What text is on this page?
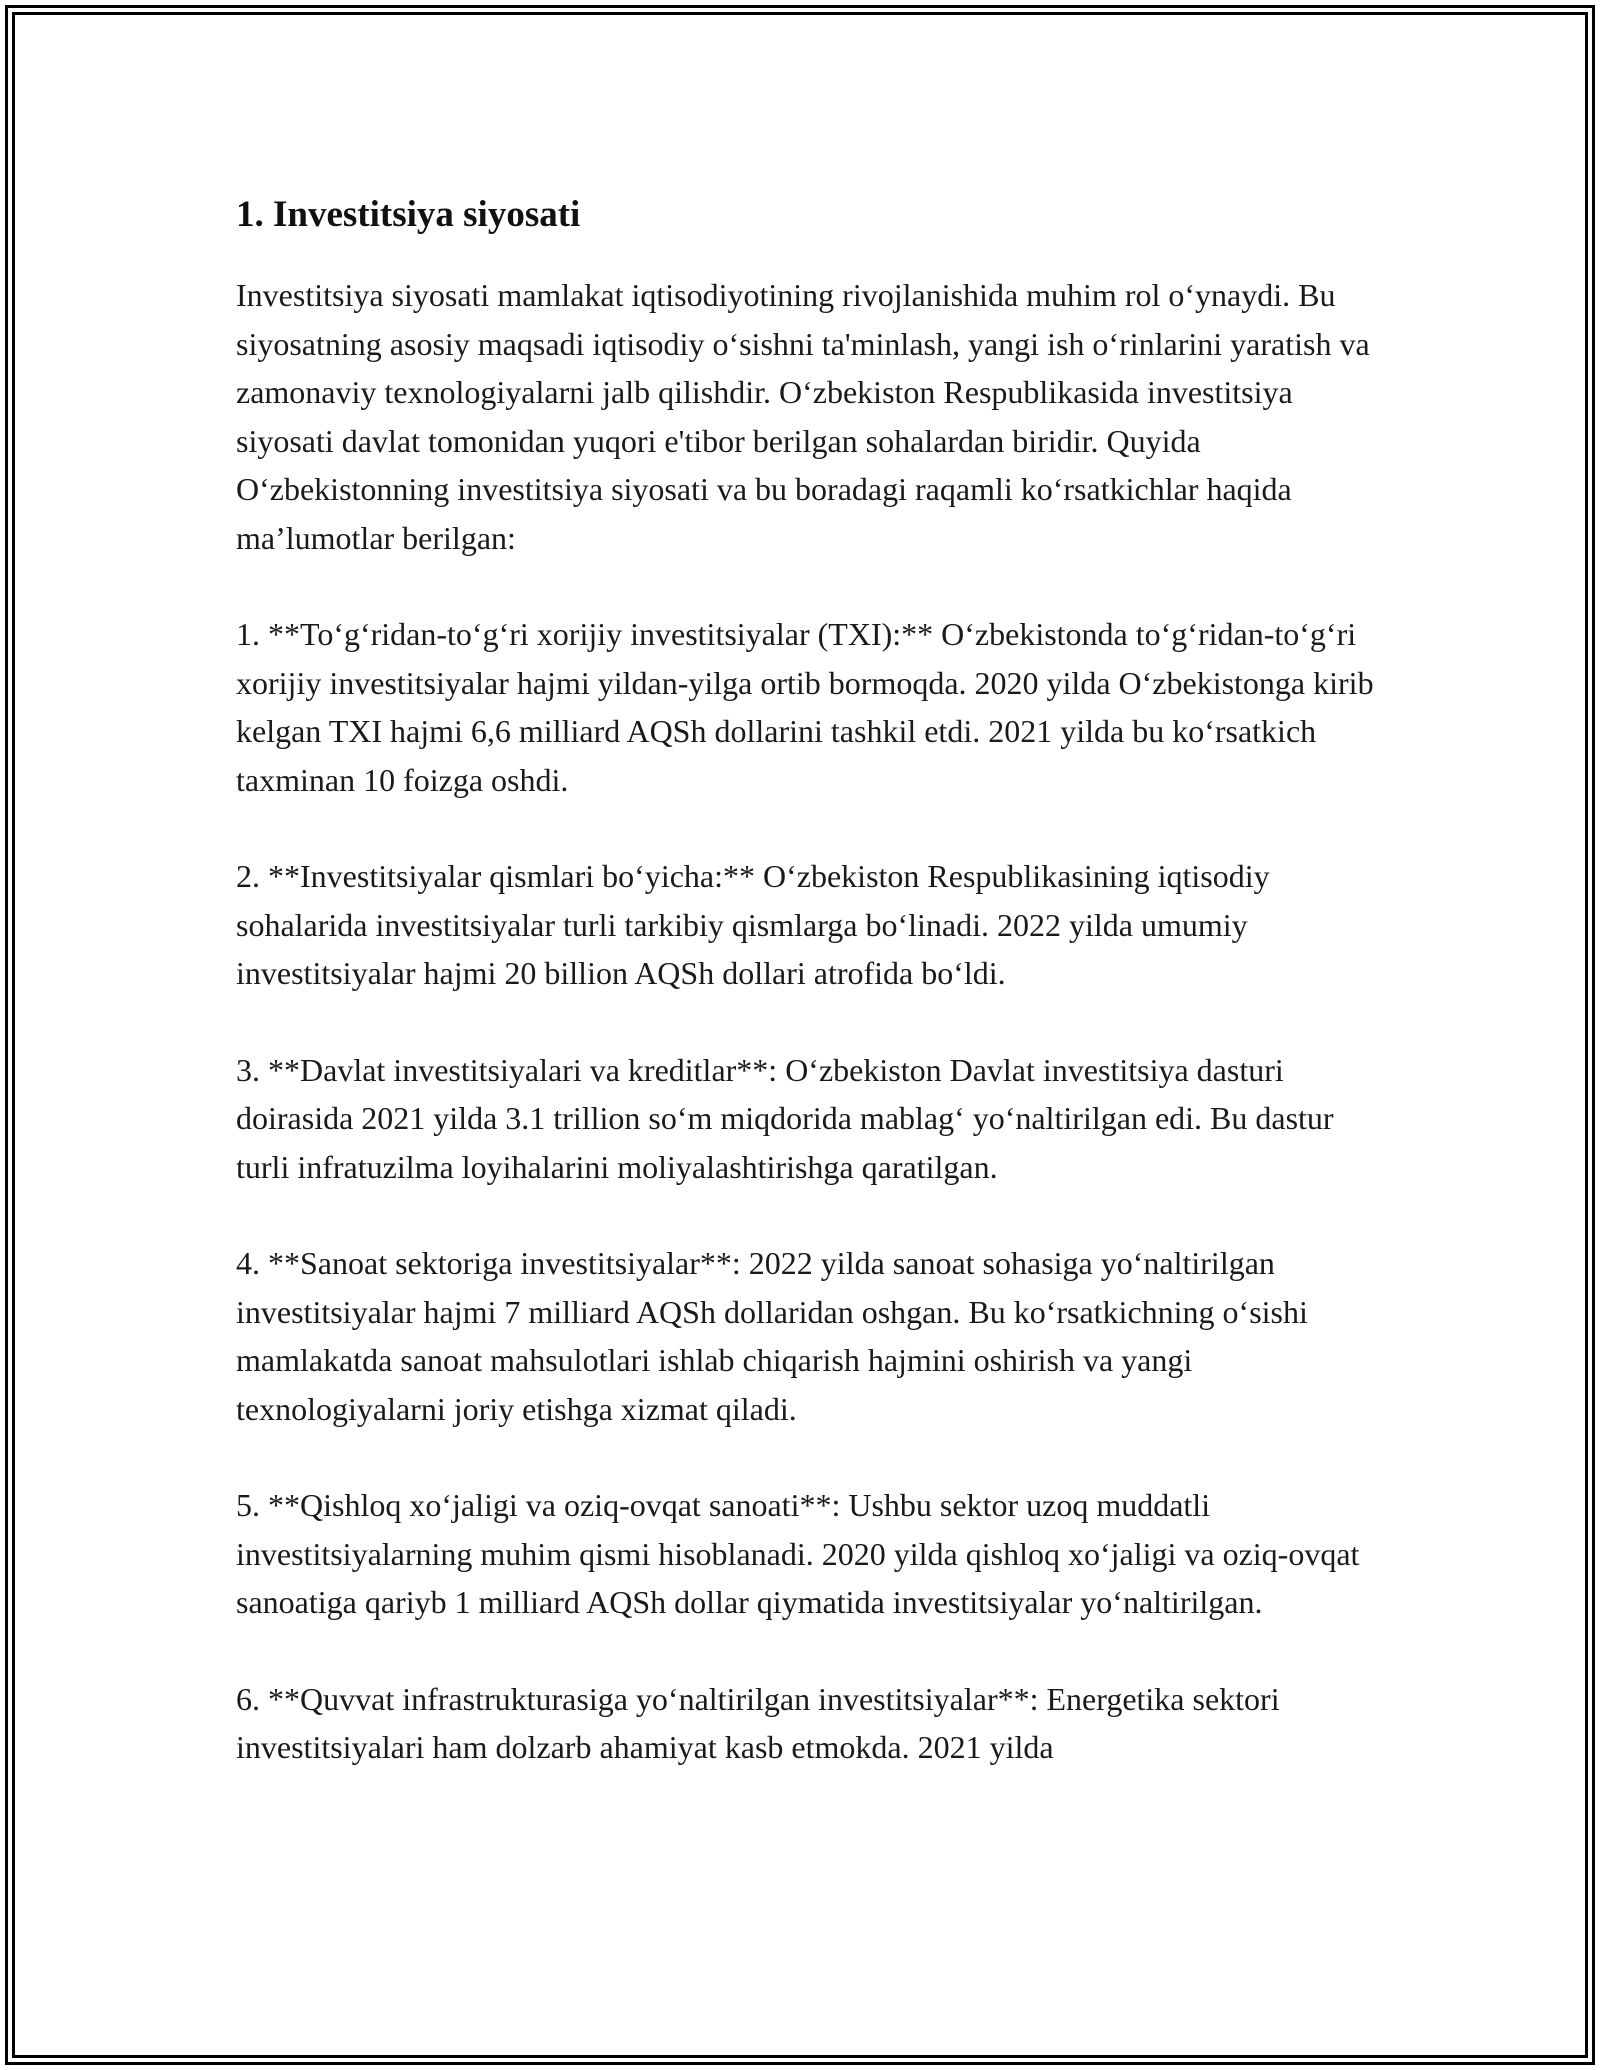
1. Investitsiya siyosati

Investitsiya siyosati mamlakat iqtisodiyotining rivojlanishida muhim rol o‘ynaydi. Bu siyosatning asosiy maqsadi iqtisodiy o‘sishni ta'minlash, yangi ish o‘rinlarini yaratish va zamonaviy texnologiyalarni jalb qilishdir. O‘zbekiston Respublikasida investitsiya siyosati davlat tomonidan yuqori e'tibor berilgan sohalardan biridir. Quyida O‘zbekistonning investitsiya siyosati va bu boradagi raqamli ko‘rsatkichlar haqida ma’lumotlar berilgan:

1. **To‘g‘ridan-to‘g‘ri xorijiy investitsiyalar (TXI):** O‘zbekistonda to‘g‘ridan-to‘g‘ri xorijiy investitsiyalar hajmi yildan-yilga ortib bormoqda. 2020 yilda O‘zbekistonga kirib kelgan TXI hajmi 6,6 milliard AQSh dollarini tashkil etdi. 2021 yilda bu ko‘rsatkich taxminan 10 foizga oshdi.

2. **Investitsiyalar qismlari bo‘yicha:** O‘zbekiston Respublikasining iqtisodiy sohalarida investitsiyalar turli tarkibiy qismlarga bo‘linadi. 2022 yilda umumiy investitsiyalar hajmi 20 billion AQSh dollari atrofida bo‘ldi.

3. **Davlat investitsiyalari va kreditlar**: O‘zbekiston Davlat investitsiya dasturi doirasida 2021 yilda 3.1 trillion so‘m miqdorida mablag‘ yo‘naltirilgan edi. Bu dastur turli infratuzilma loyihalarini moliyalashtirishga qaratilgan.

4. **Sanoat sektoriga investitsiyalar**: 2022 yilda sanoat sohasiga yo‘naltirilgan investitsiyalar hajmi 7 milliard AQSh dollaridan oshgan. Bu ko‘rsatkichning o‘sishi mamlakatda sanoat mahsulotlari ishlab chiqarish hajmini oshirish va yangi texnologiyalarni joriy etishga xizmat qiladi.

5. **Qishloq xo‘jaligi va oziq-ovqat sanoati**: Ushbu sektor uzoq muddatli investitsiyalarning muhim qismi hisoblanadi. 2020 yilda qishloq xo‘jaligi va oziq-ovqat sanoatiga qariyb 1 milliard AQSh dollar qiymatida investitsiyalar yo‘naltirilgan.

6. **Quvvat infrastrukturasiga yo‘naltirilgan investitsiyalar**: Energetika sektori investitsiyalari ham dolzarb ahamiyat kasb etmokda. 2021 yilda
